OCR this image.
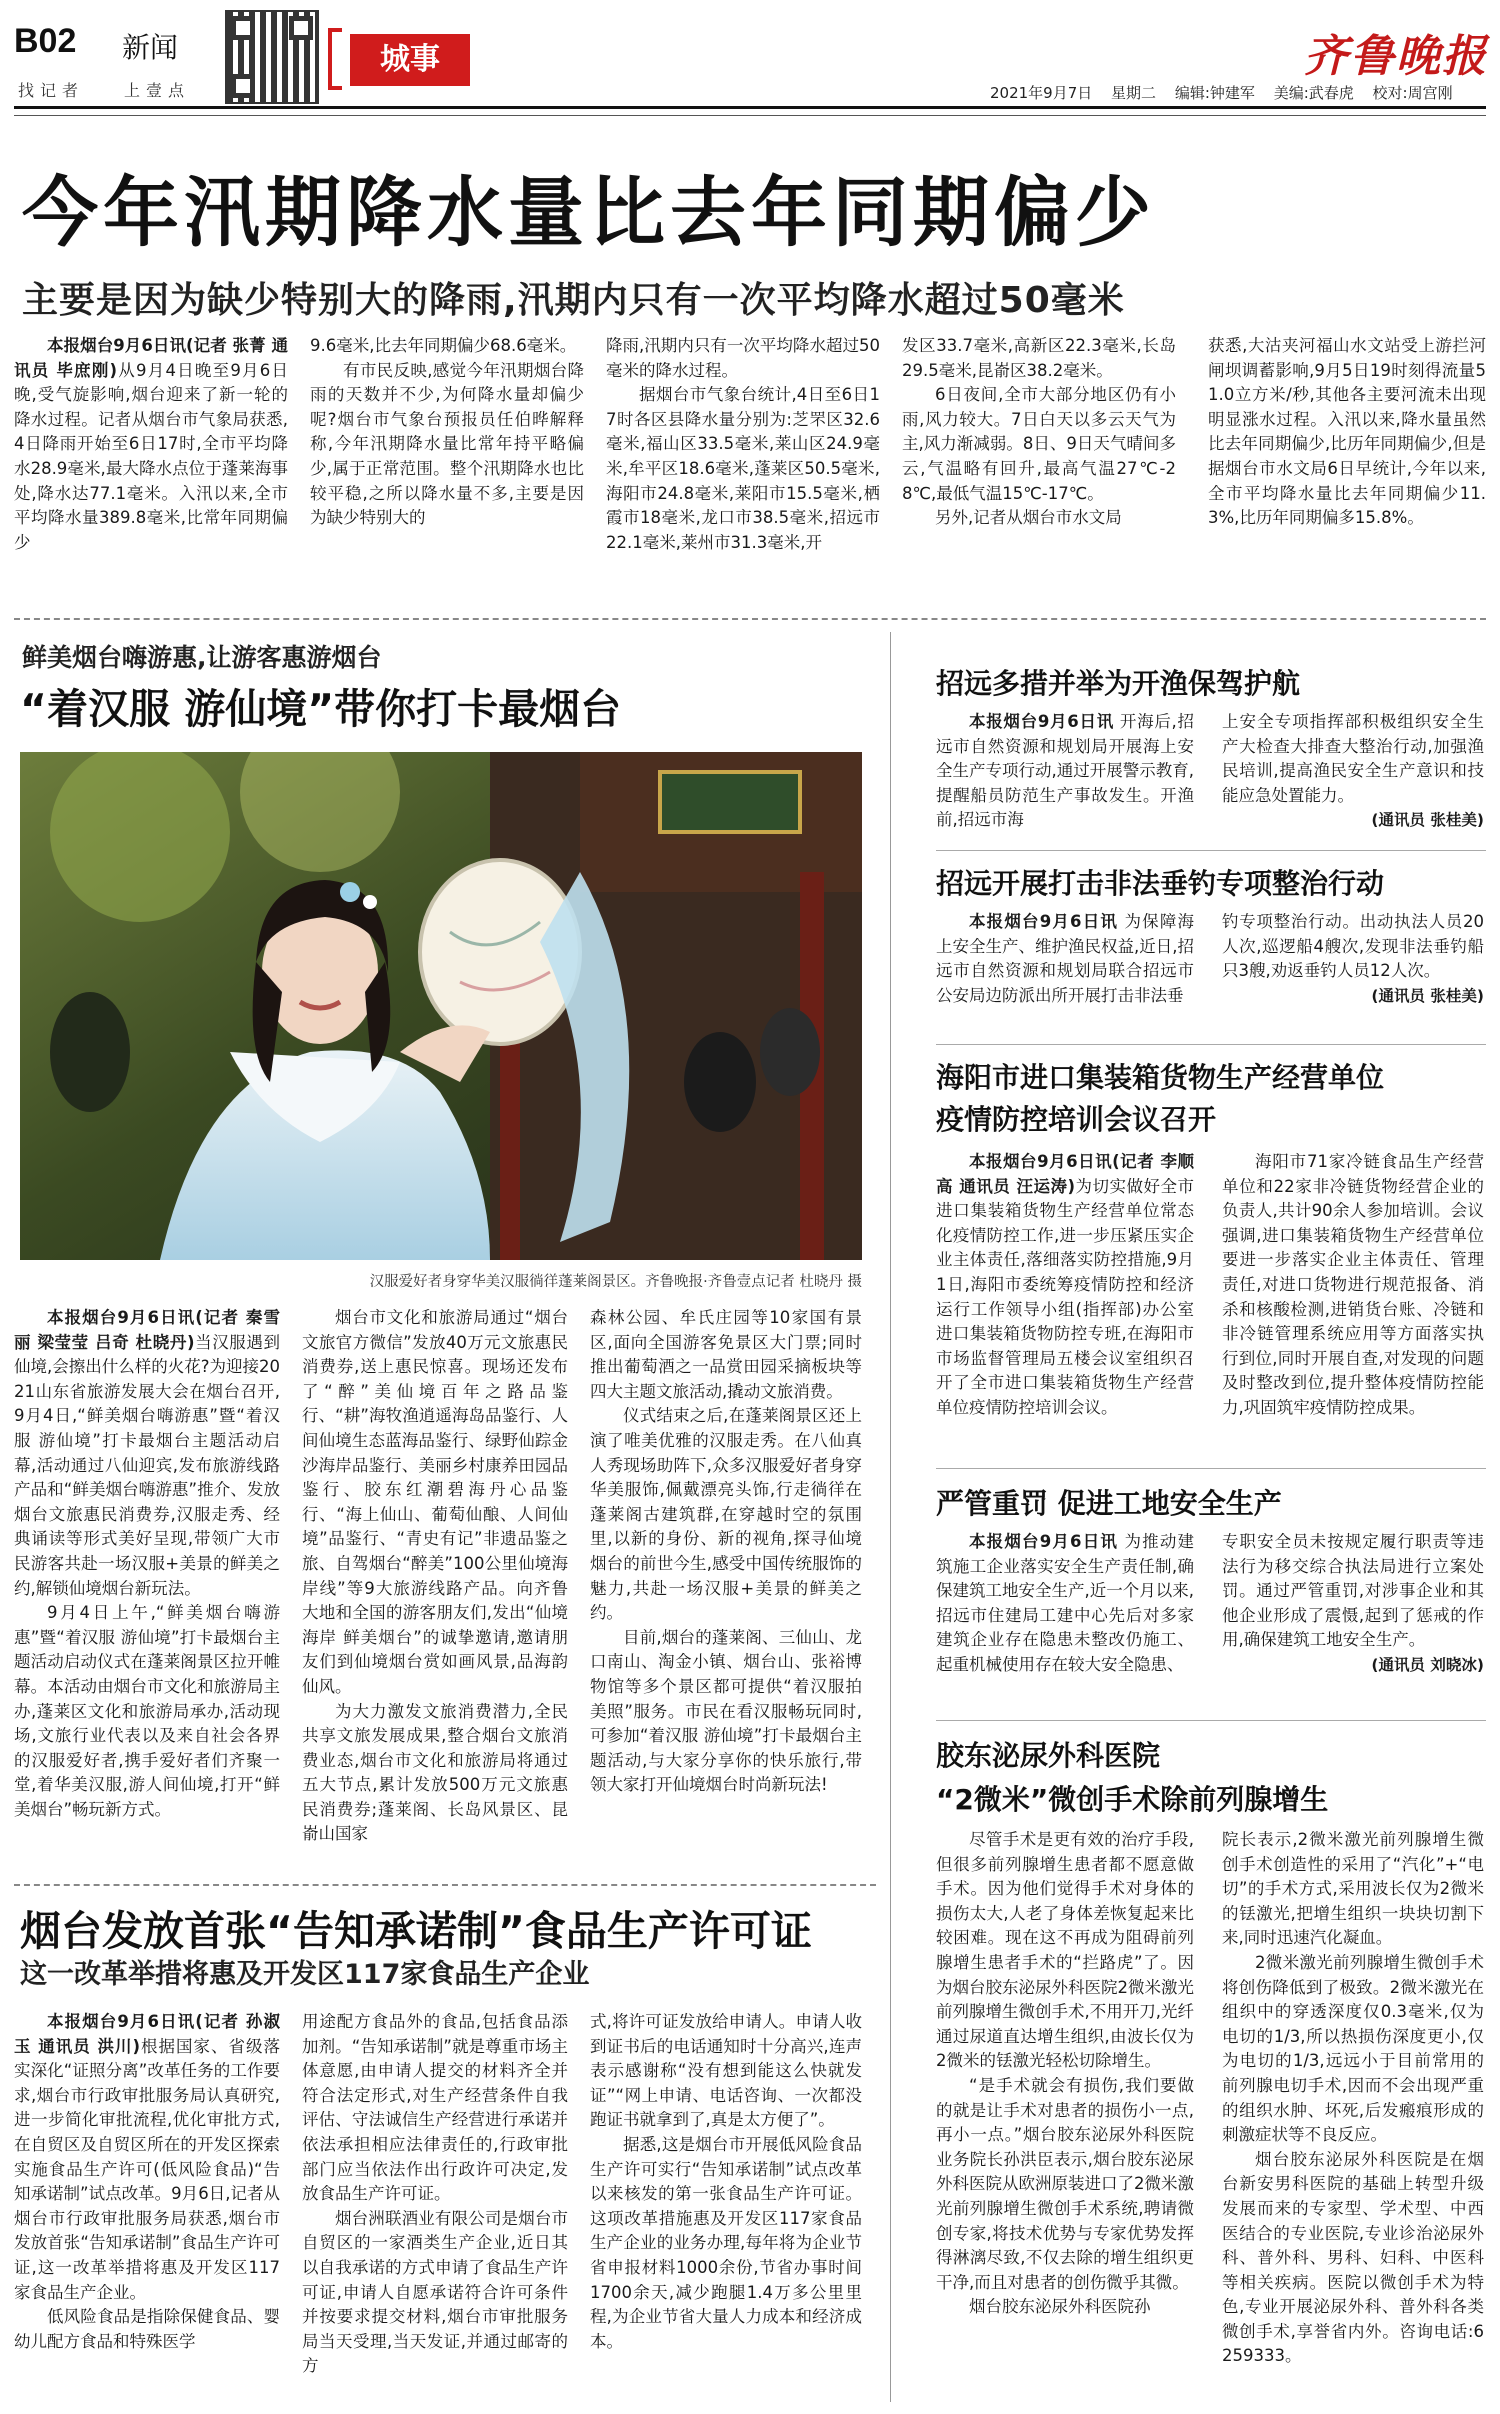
B02 新闻
找记者 上壹点
城事	齐鲁晚报
2021年9月7日 星期二 编辑:钟建军 美编:武春虎 校对:周宫刚
今年汛期降水量比去年同期偏少
主要是因为缺少特别大的降雨,汛期内只有一次平均降水超过50毫米

本报烟台9月6日讯(记者 张菁 通讯员 毕庶刚)从9月4日晚至9月6日晚,受气旋影响,烟台迎来了新一轮的降水过程。记者从烟台市气象局获悉,4日降雨开始至6日17时,全市平均降水28.9毫米,最大降水点位于蓬莱海事处,降水达77.1毫米。入汛以来,全市平均降水量389.8毫米,比常年同期偏少

9.6毫米,比去年同期偏少68.6毫米。

有市民反映,感觉今年汛期烟台降雨的天数并不少,为何降水量却偏少呢?烟台市气象台预报员任伯晔解释称,今年汛期降水量比常年持平略偏少,属于正常范围。整个汛期降水也比较平稳,之所以降水量不多,主要是因为缺少特别大的

降雨,汛期内只有一次平均降水超过50毫米的降水过程。

据烟台市气象台统计,4日至6日17时各区县降水量分别为:芝罘区32.6毫米,福山区33.5毫米,莱山区24.9毫米,牟平区18.6毫米,蓬莱区50.5毫米,海阳市24.8毫米,莱阳市15.5毫米,栖霞市18毫米,龙口市38.5毫米,招远市22.1毫米,莱州市31.3毫米,开

发区33.7毫米,高新区22.3毫米,长岛29.5毫米,昆嵛区38.2毫米。

6日夜间,全市大部分地区仍有小雨,风力较大。7日白天以多云天气为主,风力渐减弱。8日、9日天气晴间多云,气温略有回升,最高气温27℃-28℃,最低气温15℃-17℃。

另外,记者从烟台市水文局

获悉,大沽夹河福山水文站受上游拦河闸坝调蓄影响,9月5日19时刻得流量51.0立方米/秒,其他各主要河流未出现明显涨水过程。入汛以来,降水量虽然比去年同期偏少,比历年同期偏少,但是据烟台市水文局6日早统计,今年以来,全市平均降水量比去年同期偏少11.3%,比历年同期偏多15.8%。

鲜美烟台嗨游惠,让游客惠游烟台
“着汉服 游仙境”带你打卡最烟台
汉服爱好者身穿华美汉服徜徉蓬莱阁景区。齐鲁晚报·齐鲁壹点记者 杜晓丹 摄

本报烟台9月6日讯(记者 秦雪丽 梁莹莹 吕奇 杜晓丹)当汉服遇到仙境,会擦出什么样的火花?为迎接2021山东省旅游发展大会在烟台召开,9月4日,“鲜美烟台嗨游惠”暨“着汉服 游仙境”打卡最烟台主题活动启幕,活动通过八仙迎宾,发布旅游线路产品和“鲜美烟台嗨游惠”推介、发放烟台文旅惠民消费券,汉服走秀、经典诵读等形式美好呈现,带领广大市民游客共赴一场汉服+美景的鲜美之约,解锁仙境烟台新玩法。

9月4日上午,“鲜美烟台嗨游惠”暨“着汉服 游仙境”打卡最烟台主题活动启动仪式在蓬莱阁景区拉开帷幕。本活动由烟台市文化和旅游局主办,蓬莱区文化和旅游局承办,活动现场,文旅行业代表以及来自社会各界的汉服爱好者,携手爱好者们齐聚一堂,着华美汉服,游人间仙境,打开“鲜美烟台”畅玩新方式。

烟台市文化和旅游局通过“烟台文旅官方微信”发放40万元文旅惠民消费券,送上惠民惊喜。现场还发布了“醉”美仙境百年之路品鉴行、“耕”海牧渔逍遥海岛品鉴行、人间仙境生态蓝海品鉴行、绿野仙踪金沙海岸品鉴行、美丽乡村康养田园品鉴行、胶东红潮碧海丹心品鉴行、“海上仙山、葡萄仙酿、人间仙境”品鉴行、“青史有记”非遗品鉴之旅、自驾烟台“醉美”100公里仙境海岸线”等9大旅游线路产品。向齐鲁大地和全国的游客朋友们,发出“仙境海岸 鲜美烟台”的诚挚邀请,邀请朋友们到仙境烟台赏如画风景,品海韵仙风。

为大力激发文旅消费潜力,全民共享文旅发展成果,整合烟台文旅消费业态,烟台市文化和旅游局将通过五大节点,累计发放500万元文旅惠民消费券;蓬莱阁、长岛风景区、昆嵛山国家

森林公园、牟氏庄园等10家国有景区,面向全国游客免景区大门票;同时推出葡萄酒之一品赏田园采摘板块等四大主题文旅活动,撬动文旅消费。

仪式结束之后,在蓬莱阁景区还上演了唯美优雅的汉服走秀。在八仙真人秀现场助阵下,众多汉服爱好者身穿华美服饰,佩戴漂亮头饰,行走徜徉在蓬莱阁古建筑群,在穿越时空的氛围里,以新的身份、新的视角,探寻仙境烟台的前世今生,感受中国传统服饰的魅力,共赴一场汉服+美景的鲜美之约。

目前,烟台的蓬莱阁、三仙山、龙口南山、淘金小镇、烟台山、张裕博物馆等多个景区都可提供“着汉服拍美照”服务。市民在看汉服畅玩同时,可参加“着汉服 游仙境”打卡最烟台主题活动,与大家分享你的快乐旅行,带领大家打开仙境烟台时尚新玩法!

烟台发放首张“告知承诺制”食品生产许可证
这一改革举措将惠及开发区117家食品生产企业

本报烟台9月6日讯(记者 孙淑玉 通讯员 洪川)根据国家、省级落实深化“证照分离”改革任务的工作要求,烟台市行政审批服务局认真研究,进一步简化审批流程,优化审批方式,在自贸区及自贸区所在的开发区探索实施食品生产许可(低风险食品)“告知承诺制”试点改革。9月6日,记者从烟台市行政审批服务局获悉,烟台市发放首张“告知承诺制”食品生产许可证,这一改革举措将惠及开发区117家食品生产企业。

低风险食品是指除保健食品、婴幼儿配方食品和特殊医学

用途配方食品外的食品,包括食品添加剂。“告知承诺制”就是尊重市场主体意愿,由申请人提交的材料齐全并符合法定形式,对生产经营条件自我评估、守法诚信生产经营进行承诺并依法承担相应法律责任的,行政审批部门应当依法作出行政许可决定,发放食品生产许可证。

烟台洲联酒业有限公司是烟台市自贸区的一家酒类生产企业,近日其以自我承诺的方式申请了食品生产许可证,申请人自愿承诺符合许可条件并按要求提交材料,烟台市审批服务局当天受理,当天发证,并通过邮寄的方

式,将许可证发放给申请人。申请人收到证书后的电话通知时十分高兴,连声表示感谢称“没有想到能这么快就发证”“网上申请、电话咨询、一次都没跑证书就拿到了,真是太方便了”。

据悉,这是烟台市开展低风险食品生产许可实行“告知承诺制”试点改革以来核发的第一张食品生产许可证。这项改革措施惠及开发区117家食品生产企业的业务办理,每年将为企业节省申报材料1000余份,节省办事时间1700余天,减少跑腿1.4万多公里里程,为企业节省大量人力成本和经济成本。

招远多措并举为开渔保驾护航

本报烟台9月6日讯 开海后,招远市自然资源和规划局开展海上安全生产专项行动,通过开展警示教育,提醒船员防范生产事故发生。开渔前,招远市海

上安全专项指挥部积极组织安全生产大检查大排查大整治行动,加强渔民培训,提高渔民安全生产意识和技能应急处置能力。

(通讯员 张桂美)

招远开展打击非法垂钓专项整治行动

本报烟台9月6日讯 为保障海上安全生产、维护渔民权益,近日,招远市自然资源和规划局联合招远市公安局边防派出所开展打击非法垂

钓专项整治行动。出动执法人员20人次,巡逻船4艘次,发现非法垂钓船只3艘,劝返垂钓人员12人次。

(通讯员 张桂美)

海阳市进口集装箱货物生产经营单位
疫情防控培训会议召开

本报烟台9月6日讯(记者 李顺高 通讯员 汪运涛)为切实做好全市进口集装箱货物生产经营单位常态化疫情防控工作,进一步压紧压实企业主体责任,落细落实防控措施,9月1日,海阳市委统筹疫情防控和经济运行工作领导小组(指挥部)办公室进口集装箱货物防控专班,在海阳市市场监督管理局五楼会议室组织召开了全市进口集装箱货物生产经营单位疫情防控培训会议。

海阳市71家冷链食品生产经营单位和22家非冷链货物经营企业的负责人,共计90余人参加培训。会议强调,进口集装箱货物生产经营单位要进一步落实企业主体责任、管理责任,对进口货物进行规范报备、消杀和核酸检测,进销货台账、冷链和非冷链管理系统应用等方面落实执行到位,同时开展自查,对发现的问题及时整改到位,提升整体疫情防控能力,巩固筑牢疫情防控成果。

严管重罚 促进工地安全生产

本报烟台9月6日讯 为推动建筑施工企业落实安全生产责任制,确保建筑工地安全生产,近一个月以来,招远市住建局工建中心先后对多家建筑企业存在隐患未整改仍施工、起重机械使用存在较大安全隐患、

专职安全员未按规定履行职责等违法行为移交综合执法局进行立案处罚。通过严管重罚,对涉事企业和其他企业形成了震慑,起到了惩戒的作用,确保建筑工地安全生产。

(通讯员 刘晓冰)

胶东泌尿外科医院
“2微米”微创手术除前列腺增生

尽管手术是更有效的治疗手段,但很多前列腺增生患者都不愿意做手术。因为他们觉得手术对身体的损伤太大,人老了身体差恢复起来比较困难。现在这不再成为阻碍前列腺增生患者手术的“拦路虎”了。因为烟台胶东泌尿外科医院2微米激光前列腺增生微创手术,不用开刀,光纤通过尿道直达增生组织,由波长仅为2微米的铥激光轻松切除增生。

“是手术就会有损伤,我们要做的就是让手术对患者的损伤小一点,再小一点。”烟台胶东泌尿外科医院业务院长孙洪臣表示,烟台胶东泌尿外科医院从欧洲原装进口了2微米激光前列腺增生微创手术系统,聘请微创专家,将技术优势与专家优势发挥得淋漓尽致,不仅去除的增生组织更干净,而且对患者的创伤微乎其微。

烟台胶东泌尿外科医院孙

院长表示,2微米激光前列腺增生微创手术创造性的采用了“汽化”+“电切”的手术方式,采用波长仅为2微米的铥激光,把增生组织一块块切割下来,同时迅速汽化凝血。

2微米激光前列腺增生微创手术将创伤降低到了极致。2微米激光在组织中的穿透深度仅0.3毫米,仅为电切的1/3,所以热损伤深度更小,仅为电切的1/3,远远小于目前常用的前列腺电切手术,因而不会出现严重的组织水肿、坏死,后发瘢痕形成的刺激症状等不良反应。

烟台胶东泌尿外科医院是在烟台新安男科医院的基础上转型升级发展而来的专家型、学术型、中西医结合的专业医院,专业诊治泌尿外科、普外科、男科、妇科、中医科等相关疾病。医院以微创手术为特色,专业开展泌尿外科、普外科各类微创手术,享誉省内外。咨询电话:6259333。
